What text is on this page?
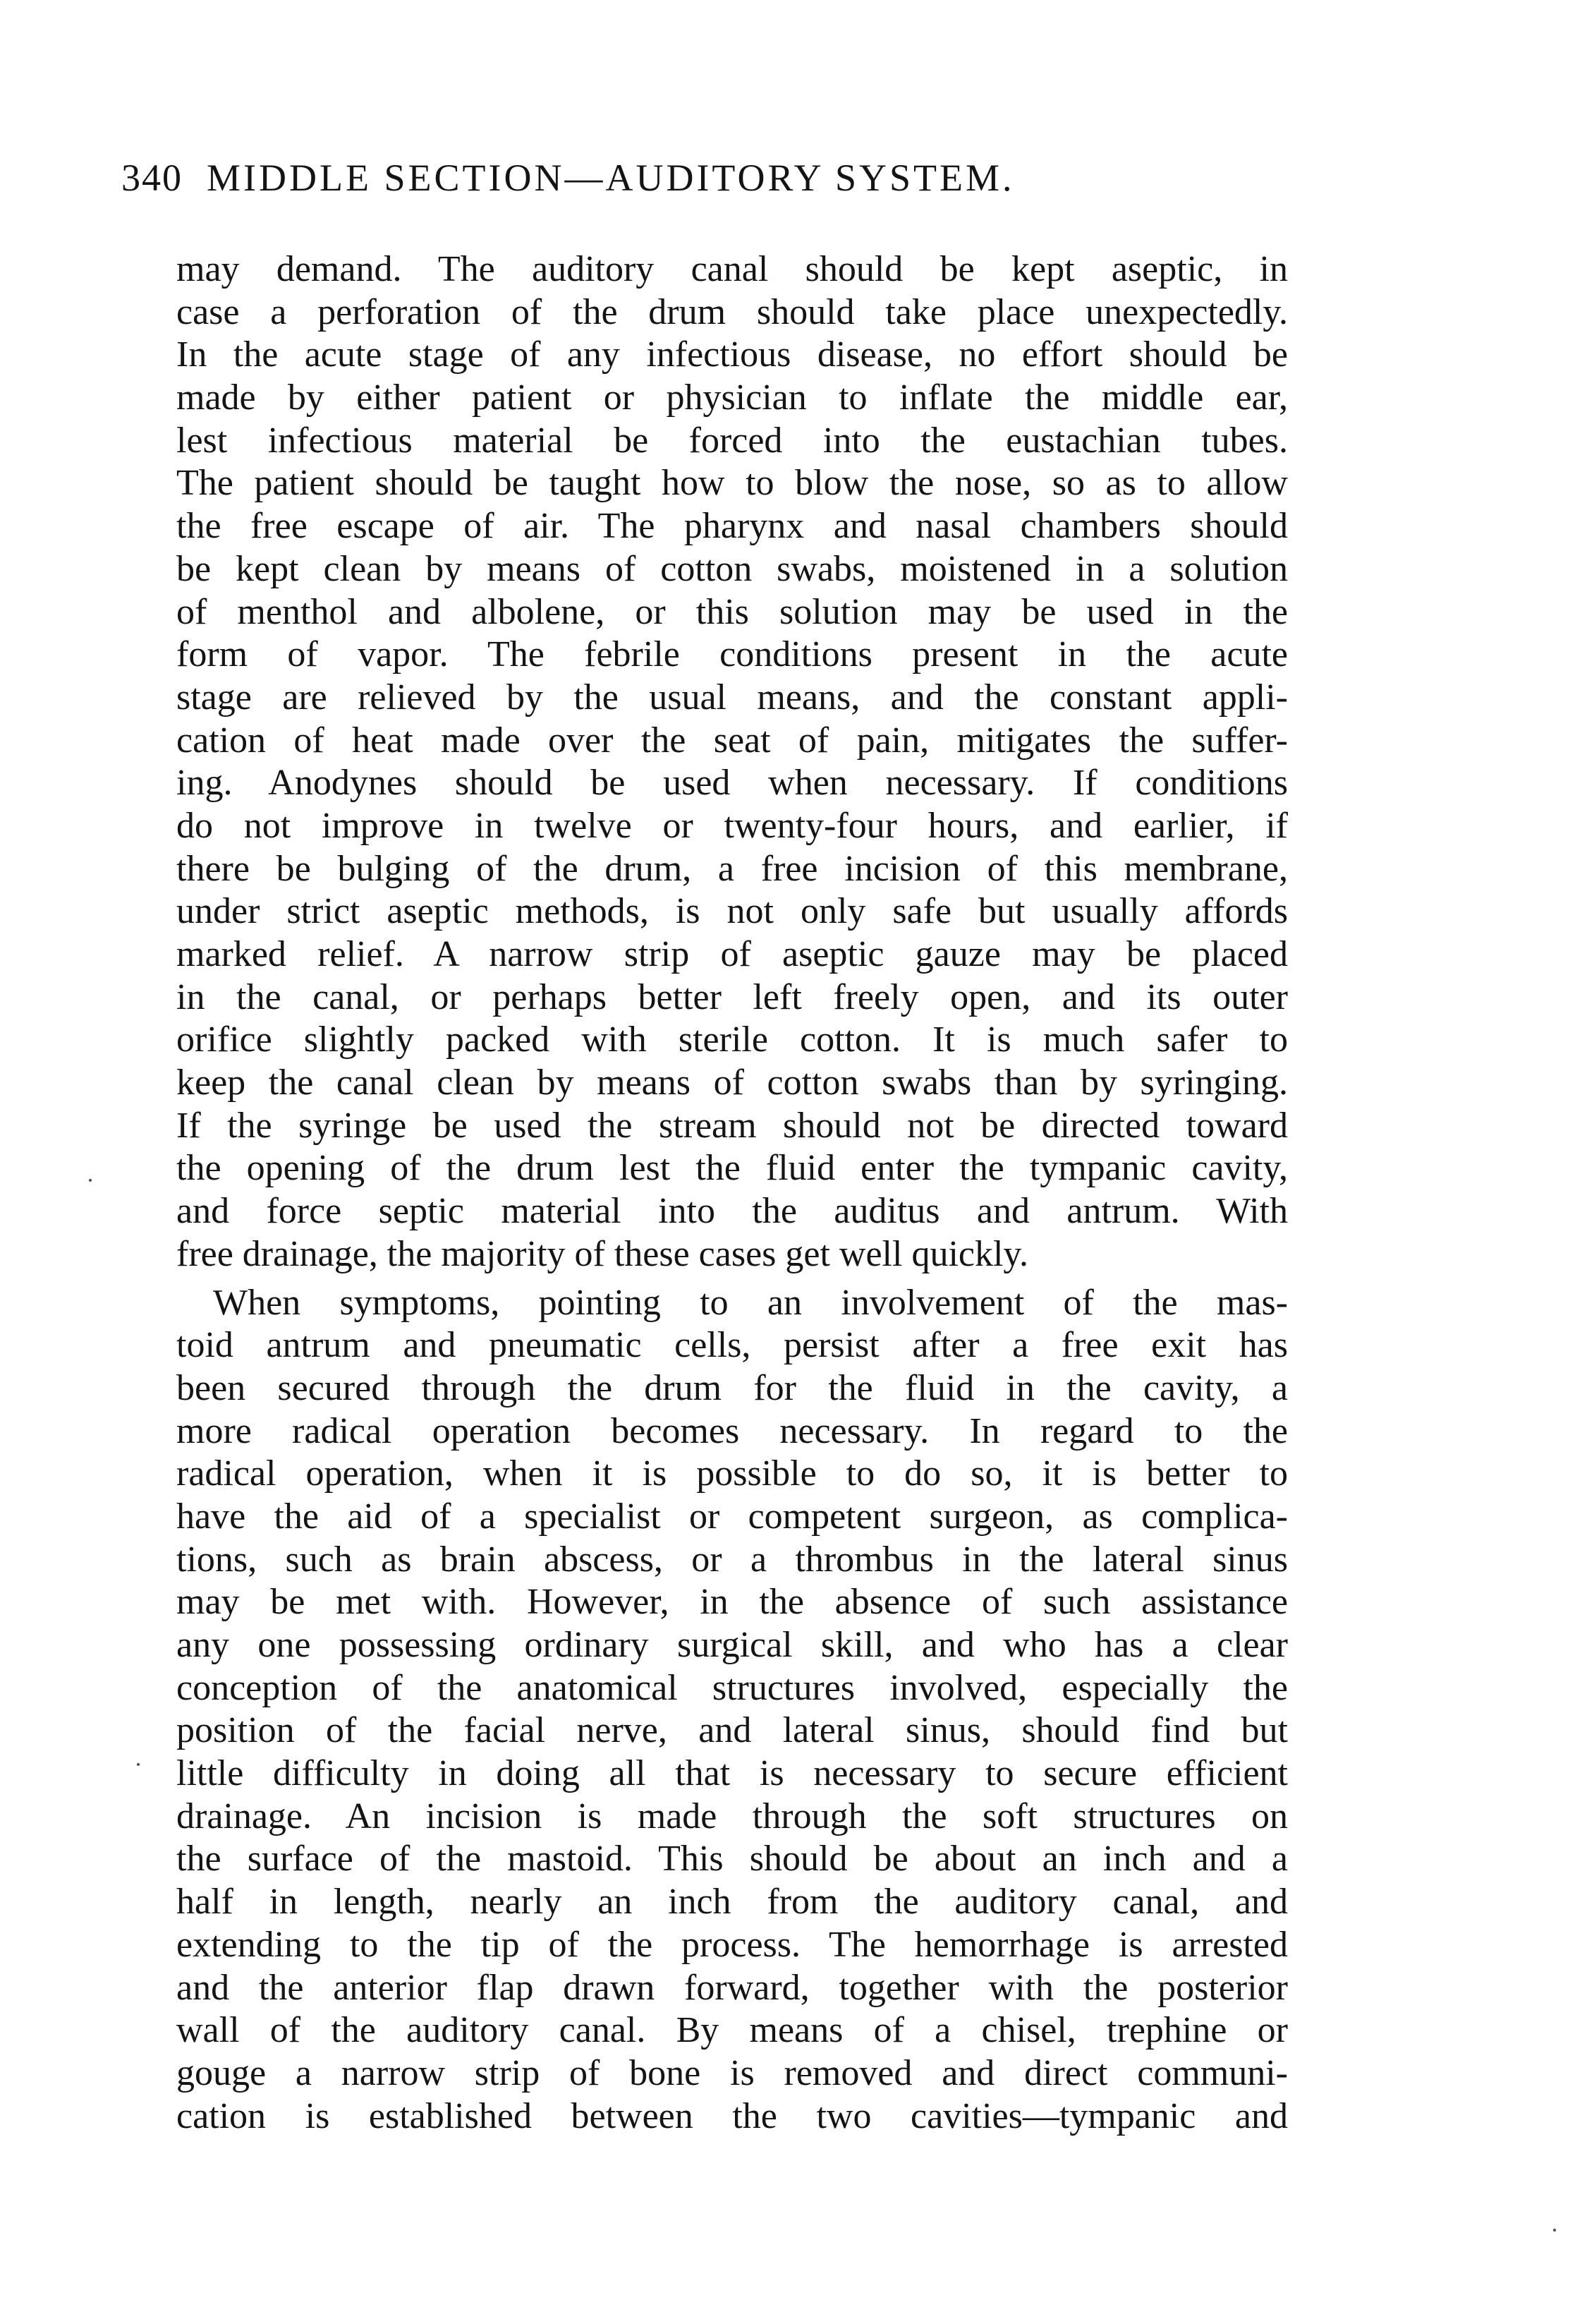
340 MIDDLE SECTION—AUDITORY SYSTEM.
may demand. The auditory canal should be kept aseptic, in
case a perforation of the drum should take place unexpectedly.
In the acute stage of any infectious disease, no effort should be
made by either patient or physician to inflate the middle ear,
lest infectious material be forced into the eustachian tubes.
The patient should be taught how to blow the nose, so as to allow
the free escape of air. The pharynx and nasal chambers should
be kept clean by means of cotton swabs, moistened in a solution
of menthol and albolene, or this solution may be used in the
form of vapor. The febrile conditions present in the acute
stage are relieved by the usual means, and the constant appli-
cation of heat made over the seat of pain, mitigates the suffer-
ing. Anodynes should be used when necessary. If conditions
do not improve in twelve or twenty-four hours, and earlier, if
there be bulging of the drum, a free incision of this membrane,
under strict aseptic methods, is not only safe but usually affords
marked relief. A narrow strip of aseptic gauze may be placed
in the canal, or perhaps better left freely open, and its outer
orifice slightly packed with sterile cotton. It is much safer to
keep the canal clean by means of cotton swabs than by syringing.
If the syringe be used the stream should not be directed toward
the opening of the drum lest the fluid enter the tympanic cavity,
and force septic material into the auditus and antrum. With
free drainage, the majority of these cases get well quickly.
When symptoms, pointing to an involvement of the mas-
toid antrum and pneumatic cells, persist after a free exit has
been secured through the drum for the fluid in the cavity, a
more radical operation becomes necessary. In regard to the
radical operation, when it is possible to do so, it is better to
have the aid of a specialist or competent surgeon, as complica-
tions, such as brain abscess, or a thrombus in the lateral sinus
may be met with. However, in the absence of such assistance
any one possessing ordinary surgical skill, and who has a clear
conception of the anatomical structures involved, especially the
position of the facial nerve, and lateral sinus, should find but
little difficulty in doing all that is necessary to secure efficient
drainage. An incision is made through the soft structures on
the surface of the mastoid. This should be about an inch and a
half in length, nearly an inch from the auditory canal, and
extending to the tip of the process. The hemorrhage is arrested
and the anterior flap drawn forward, together with the posterior
wall of the auditory canal. By means of a chisel, trephine or
gouge a narrow strip of bone is removed and direct communi-
cation is established between the two cavities—tympanic and
·
·
·
